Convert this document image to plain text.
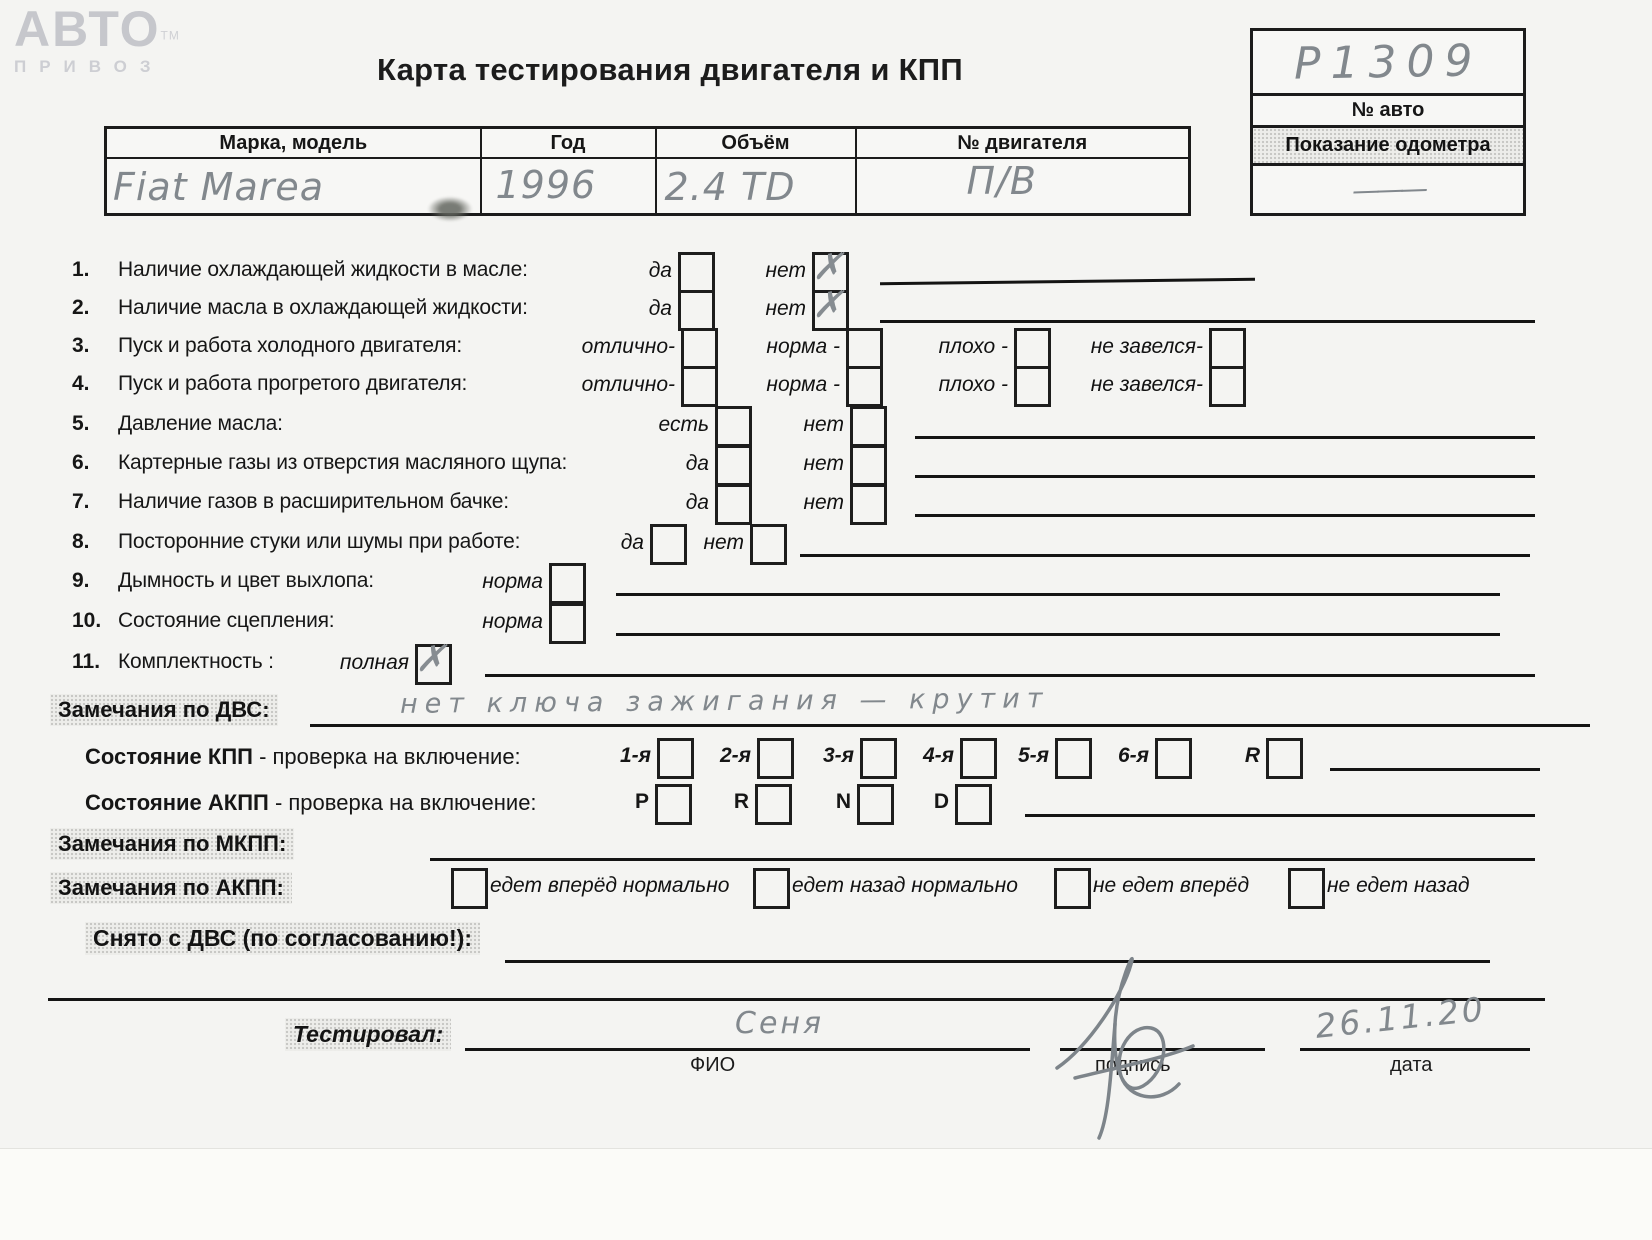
АВТО™
ПРИВОЗ	Карта тестирования двигателя и КПП	Р1309
№ авто
Показание одометра
———
Марка, модель	Год	Объём	№ двигателя

Fiat Marea	1996	2.4 TD	П/В
1.	Наличие охлаждающей жидкости в масле:	да	нет ✗
2.	Наличие масла в охлаждающей жидкости:	да	нет ✗
3.	Пуск и работа холодного двигателя:	отлично-	норма -	плохо -	не завелся-
4.	Пуск и работа прогретого двигателя:	отлично-	норма -	плохо -	не завелся-
5.	Давление масла:	есть	нет
6.	Картерные газы из отверстия масляного щупа:	да	нет
7.	Наличие газов в расширительном бачке:	да	нет
8.	Посторонние стуки или шумы при работе:	да	нет
9.	Дымность и цвет выхлопа:	норма
10. Состояние сцепления:	норма
11. Комплектность :	полная ✗
Замечания по ДВС:	нет ключа зажигания — крутит
Состояние КПП - проверка на включение:	1-я	2-я	3-я	4-я	5-я	6-я	R
Состояние АКПП - проверка на включение:	P	R	N	D
Замечания по МКПП:
Замечания по АКПП:	едет вперёд нормально	едет назад нормально	не едет вперёд	не едет назад
Снято с ДВС (по согласованию!):
Тестировал:	Сеня
ФИО	подпись
26.11.20
дата
